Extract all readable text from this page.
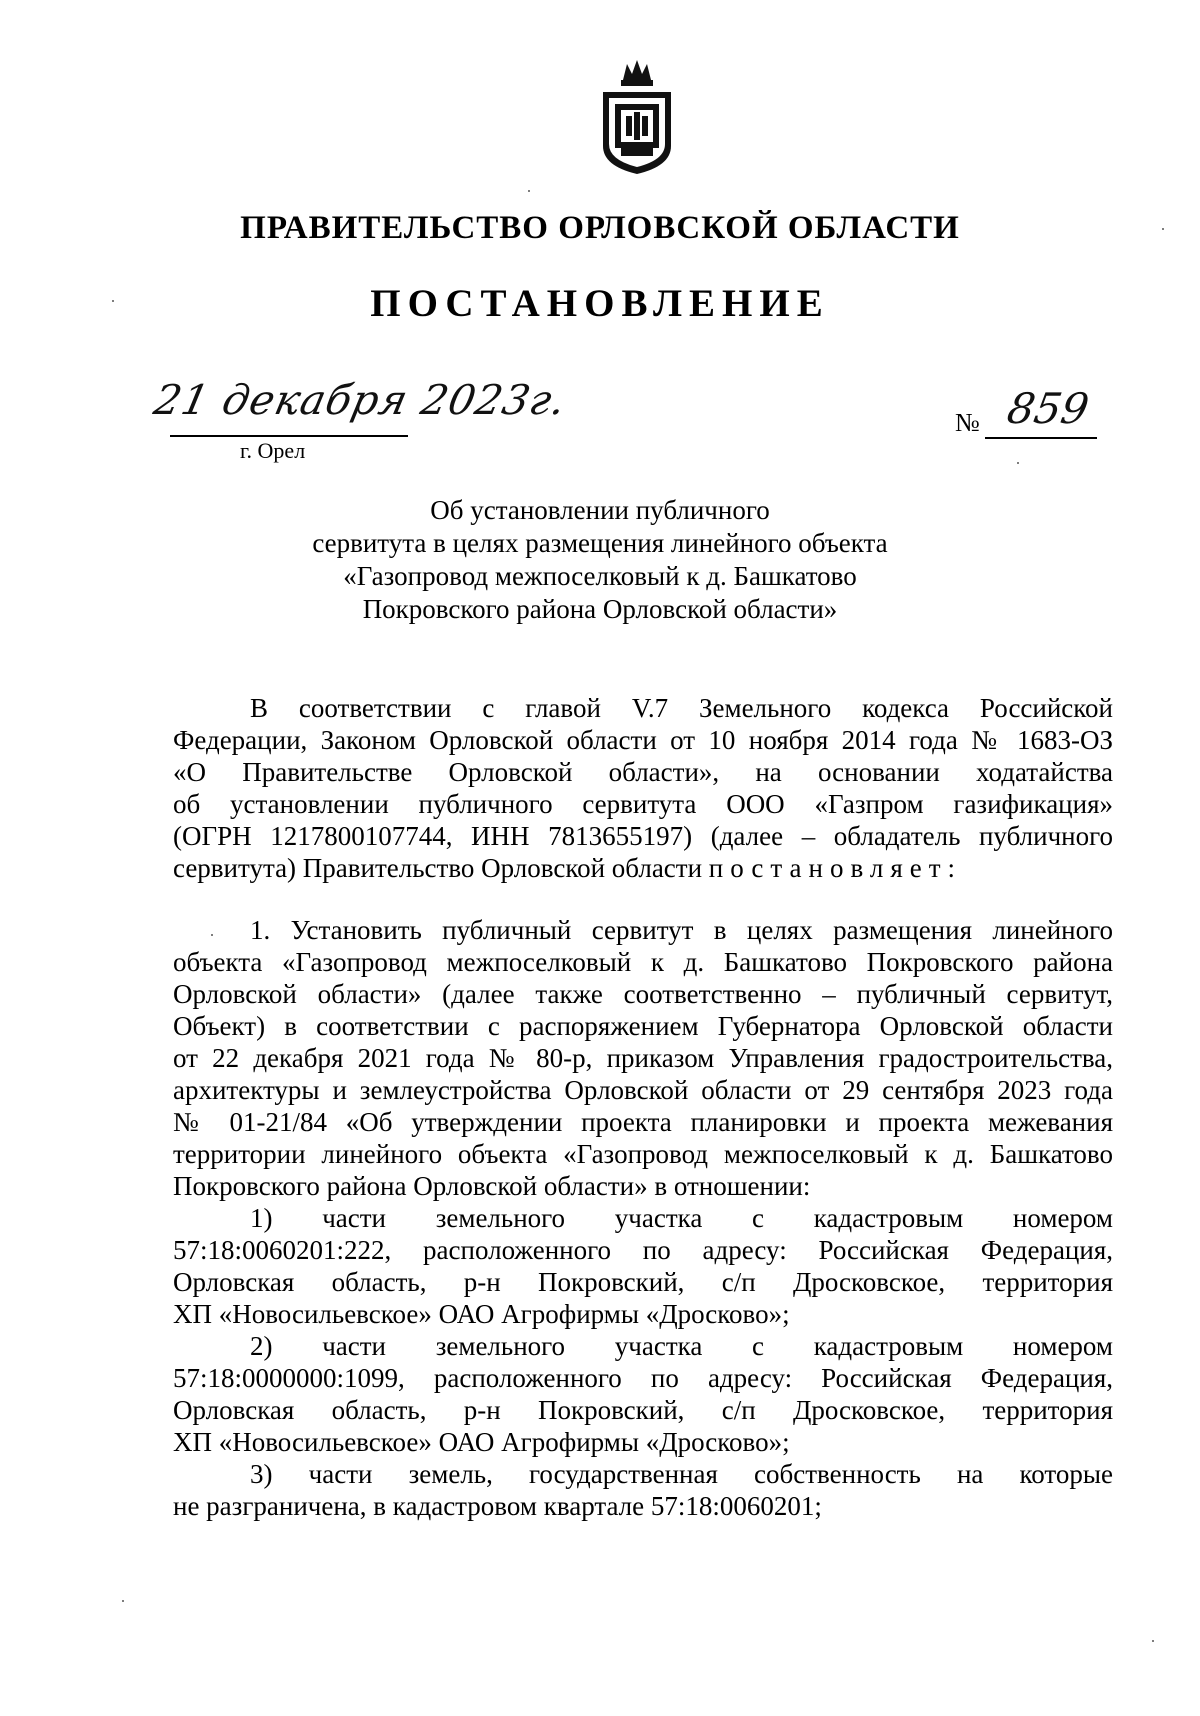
ПРАВИТЕЛЬСТВО ОРЛОВСКОЙ ОБЛАСТИ
ПОСТАНОВЛЕНИЕ
21 декабря 2023г.
г. Орел
№ 859
Об установлении публичного
сервитута в целях размещения линейного объекта
«Газопровод межпоселковый к д. Башкатово
Покровского района Орловской области»
В соответствии с главой V.7 Земельного кодекса Российской
Федерации, Законом Орловской области от 10 ноября 2014 года № 1683-ОЗ
«О Правительстве Орловской области», на основании ходатайства
об установлении публичного сервитута ООО «Газпром газификация»
(ОГРН 1217800107744, ИНН 7813655197) (далее – обладатель публичного
сервитута) Правительство Орловской области постановляет:
1. Установить публичный сервитут в целях размещения линейного
объекта «Газопровод межпоселковый к д. Башкатово Покровского района
Орловской области» (далее также соответственно – публичный сервитут,
Объект) в соответствии с распоряжением Губернатора Орловской области
от 22 декабря 2021 года № 80-р, приказом Управления градостроительства,
архитектуры и землеустройства Орловской области от 29 сентября 2023 года
№ 01-21/84 «Об утверждении проекта планировки и проекта межевания
территории линейного объекта «Газопровод межпоселковый к д. Башкатово
Покровского района Орловской области» в отношении:
1) части земельного участка с кадастровым номером
57:18:0060201:222, расположенного по адресу: Российская Федерация,
Орловская область, р-н Покровский, с/п Дросковское, территория
ХП «Новосильевское» ОАО Агрофирмы «Дросково»;
2) части земельного участка с кадастровым номером
57:18:0000000:1099, расположенного по адресу: Российская Федерация,
Орловская область, р-н Покровский, с/п Дросковское, территория
ХП «Новосильевское» ОАО Агрофирмы «Дросково»;
3) части земель, государственная собственность на которые
не разграничена, в кадастровом квартале 57:18:0060201;
